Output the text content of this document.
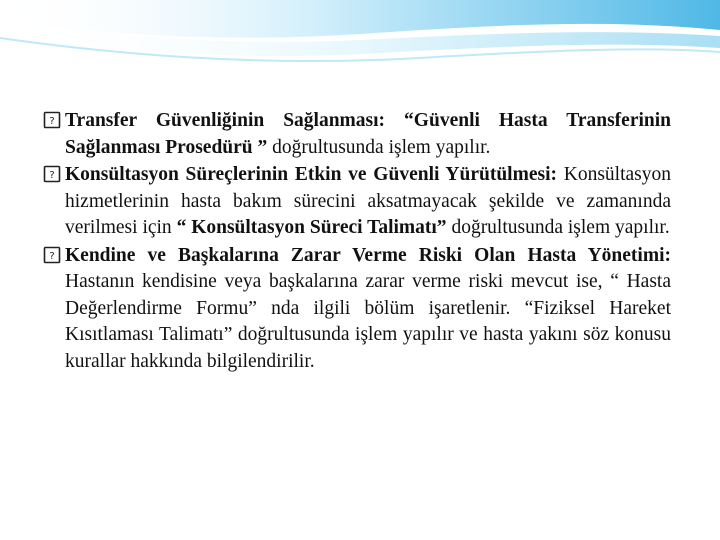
? Transfer Güvenliğinin Sağlanması: “Güvenli Hasta Transferinin Sağlanması Prosedürü ” doğrultusunda işlem yapılır.

? Konsültasyon Süreçlerinin Etkin ve Güvenli Yürütülmesi: Konsültasyon hizmetlerinin hasta bakım sürecini aksatmayacak şekilde ve zamanında verilmesi için “ Konsültasyon Süreci Talimatı” doğrultusunda işlem yapılır.

? Kendine ve Başkalarına Zarar Verme Riski Olan Hasta Yönetimi: Hastanın kendisine veya başkalarına zarar verme riski mevcut ise, “ Hasta Değerlendirme Formu” nda ilgili bölüm işaretlenir. “Fiziksel Hareket Kısıtlaması Talimatı” doğrultusunda işlem yapılır ve hasta yakını söz konusu kurallar hakkında bilgilendirilir.
